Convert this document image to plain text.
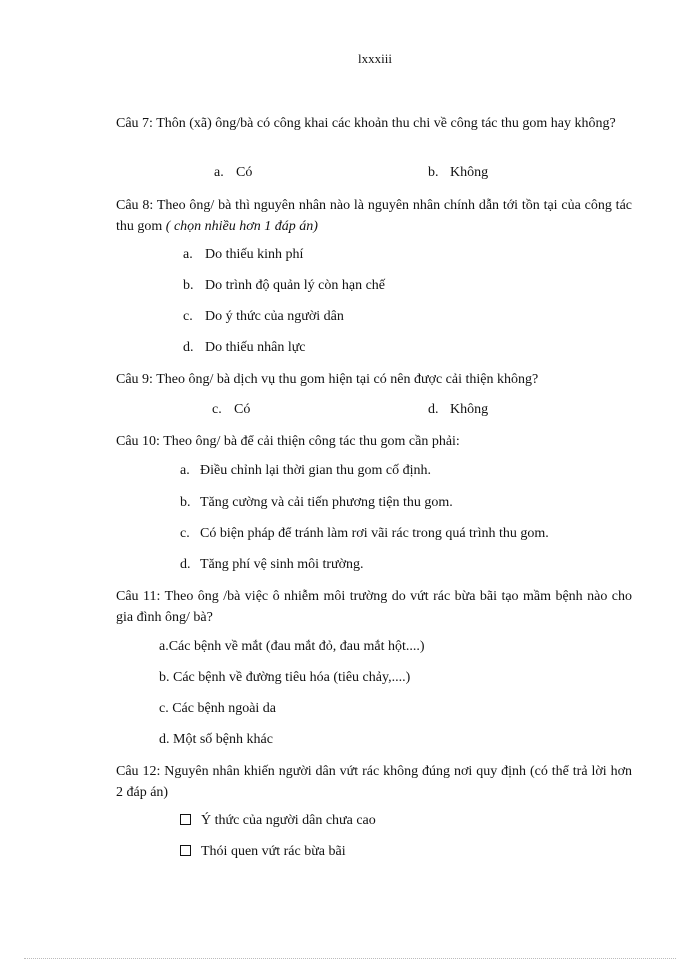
lxxxiii

Câu 7: Thôn (xã) ông/bà có công khai các khoản thu chi về công tác thu gom hay không?

a. Có	b. Không

Câu 8: Theo ông/ bà thì nguyên nhân nào là nguyên nhân chính dẫn tới tồn tại của công tác thu gom ( chọn nhiều hơn 1 đáp án)

a. Do thiếu kinh phí
b. Do trình độ quản lý còn hạn chế
c. Do ý thức của người dân
d. Do thiếu nhân lực

Câu 9: Theo ông/ bà dịch vụ thu gom hiện tại có nên được cải thiện không?

c. Có	d. Không

Câu 10: Theo ông/ bà để cải thiện công tác thu gom cần phải:

a. Điều chỉnh lại thời gian thu gom cố định.
b. Tăng cường và cải tiến phương tiện thu gom.
c. Có biện pháp để tránh làm rơi vãi rác trong quá trình thu gom.
d. Tăng phí vệ sinh môi trường.

Câu 11: Theo ông /bà việc ô nhiễm môi trường do vứt rác bừa bãi tạo mầm bệnh nào cho gia đình ông/ bà?

a.Các bệnh về mắt (đau mắt đỏ, đau mắt hột....)
b. Các bệnh về đường tiêu hóa (tiêu chảy,....)
c. Các bệnh ngoài da
d. Một số bệnh khác

Câu 12: Nguyên nhân khiến người dân vứt rác không đúng nơi quy định (có thể trả lời hơn 2 đáp án)

Ý thức của người dân chưa cao
Thói quen vứt rác bừa bãi
